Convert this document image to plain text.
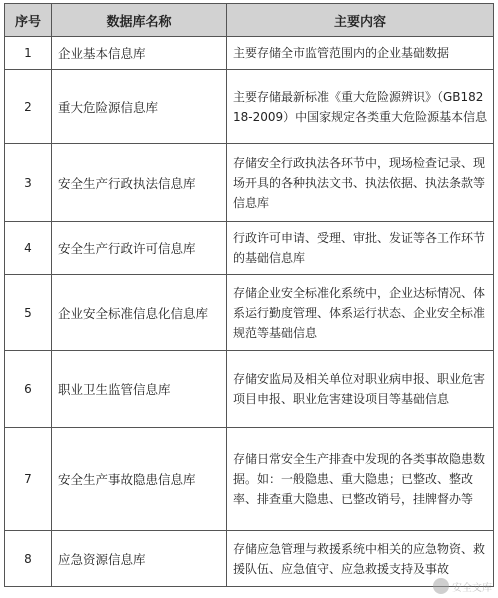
序号	数据库名称	主要内容
1	企业基本信息库	主要存储全市监管范围内的企业基础数据
2	重大危险源信息库	主要存储最新标准《重大危险源辨识》（GB18218-2009）中国家规定各类重大危险源基本信息
3	安全生产行政执法信息库	存储安全行政执法各环节中，现场检查记录、现场开具的各种执法文书、执法依据、执法条款等信息库
4	安全生产行政许可信息库	行政许可申请、受理、审批、发证等各工作环节的基础信息库
5	企业安全标准信息化信息库	存储企业安全标准化系统中，企业达标情况、体系运行勤度管理、体系运行状态、企业安全标准规范等基础信息
6	职业卫生监管信息库	存储安监局及相关单位对职业病申报、职业危害项目申报、职业危害建设项目等基础信息
7	安全生产事故隐患信息库	存储日常安全生产排查中发现的各类事故隐患数据。如：一般隐患、重大隐患；已整改、整改率、排查重大隐患、已整改销号，挂牌督办等
8	应急资源信息库	存储应急管理与救援系统中相关的应急物资、救援队伍、应急值守、应急救援支持及事故
安全文库
